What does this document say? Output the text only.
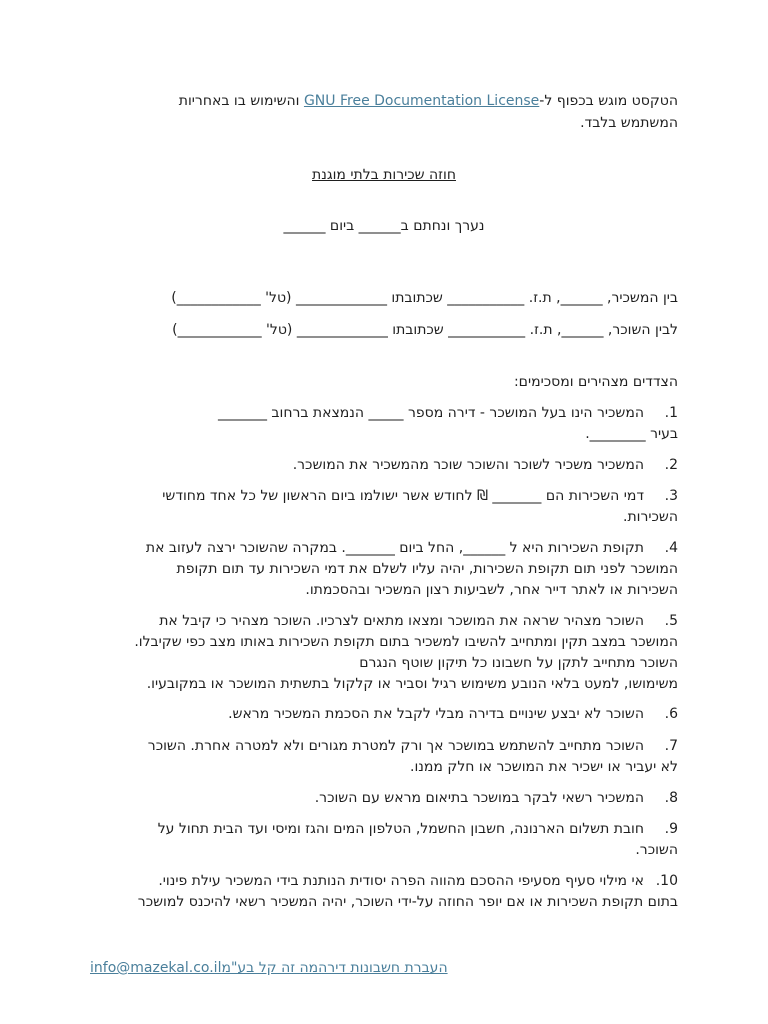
הטקסט מוגש בכפוף ל-GNU Free Documentation License והשימוש בו באחריות
המשתמש בלבד.
חוזה שכירות בלתי מוגנת
נערך ונחתם ב______ ביום ______
בין המשכיר, ______, ת.ז. ___________ שכתובתו _____________ (טל' ____________)
לבין השוכר, ______, ת.ז. ___________ שכתובתו _____________ (טל' ____________)
הצדדים מצהירים ומסכימים:
1.המשכיר הינו בעל המושכר - דירה מספר _____ הנמצאת ברחוב _______
בעיר ________.
2.המשכיר משכיר לשוכר והשוכר שוכר מהמשכיר את המושכר.
3.דמי השכירות הם _______ ₪ לחודש אשר ישולמו ביום הראשון של כל אחד מחודשי
השכירות.
4.תקופת השכירות היא ל ______, החל ביום _______. במקרה שהשוכר ירצה לעזוב את
המושכר לפני תום תקופת השכירות, יהיה עליו לשלם את דמי השכירות עד תום תקופת
השכירות או לאתר דייר אחר, לשביעות רצון המשכיר ובהסכמתו.
5.השוכר מצהיר שראה את המושכר ומצאו מתאים לצרכיו. השוכר מצהיר כי קיבל את
המושכר במצב תקין ומתחייב להשיבו למשכיר בתום תקופת השכירות באותו מצב כפי שקיבלו.
השוכר מתחייב לתקן על חשבונו כל תיקון שוטף הנגרם
משימושו, למעט בלאי הנובע משימוש רגיל וסביר או קלקול בתשתית המושכר או במקובעיו.
6.השוכר לא יבצע שינויים בדירה מבלי לקבל את הסכמת המשכיר מראש.
7.השוכר מתחייב להשתמש במושכר אך ורק למטרת מגורים ולא למטרה אחרת. השוכר
לא יעביר או ישכיר את המושכר או חלק ממנו.
8.המשכיר רשאי לבקר במושכר בתיאום מראש עם השוכר.
9.חובת תשלום הארנונה, חשבון החשמל, הטלפון המים והגז ומיסי ועד הבית תחול על
השוכר.
10.אי מילוי סעיף מסעיפי ההסכם מהווה הפרה יסודית הנותנת בידי המשכיר עילת פינוי.
בתום תקופת השכירות או אם יופר החוזה על-ידי השוכר, יהיה המשכיר רשאי להיכנס למושכר
info@mazekal.co.ilהעברת חשבונות דירהמה זה קל בע"מ
